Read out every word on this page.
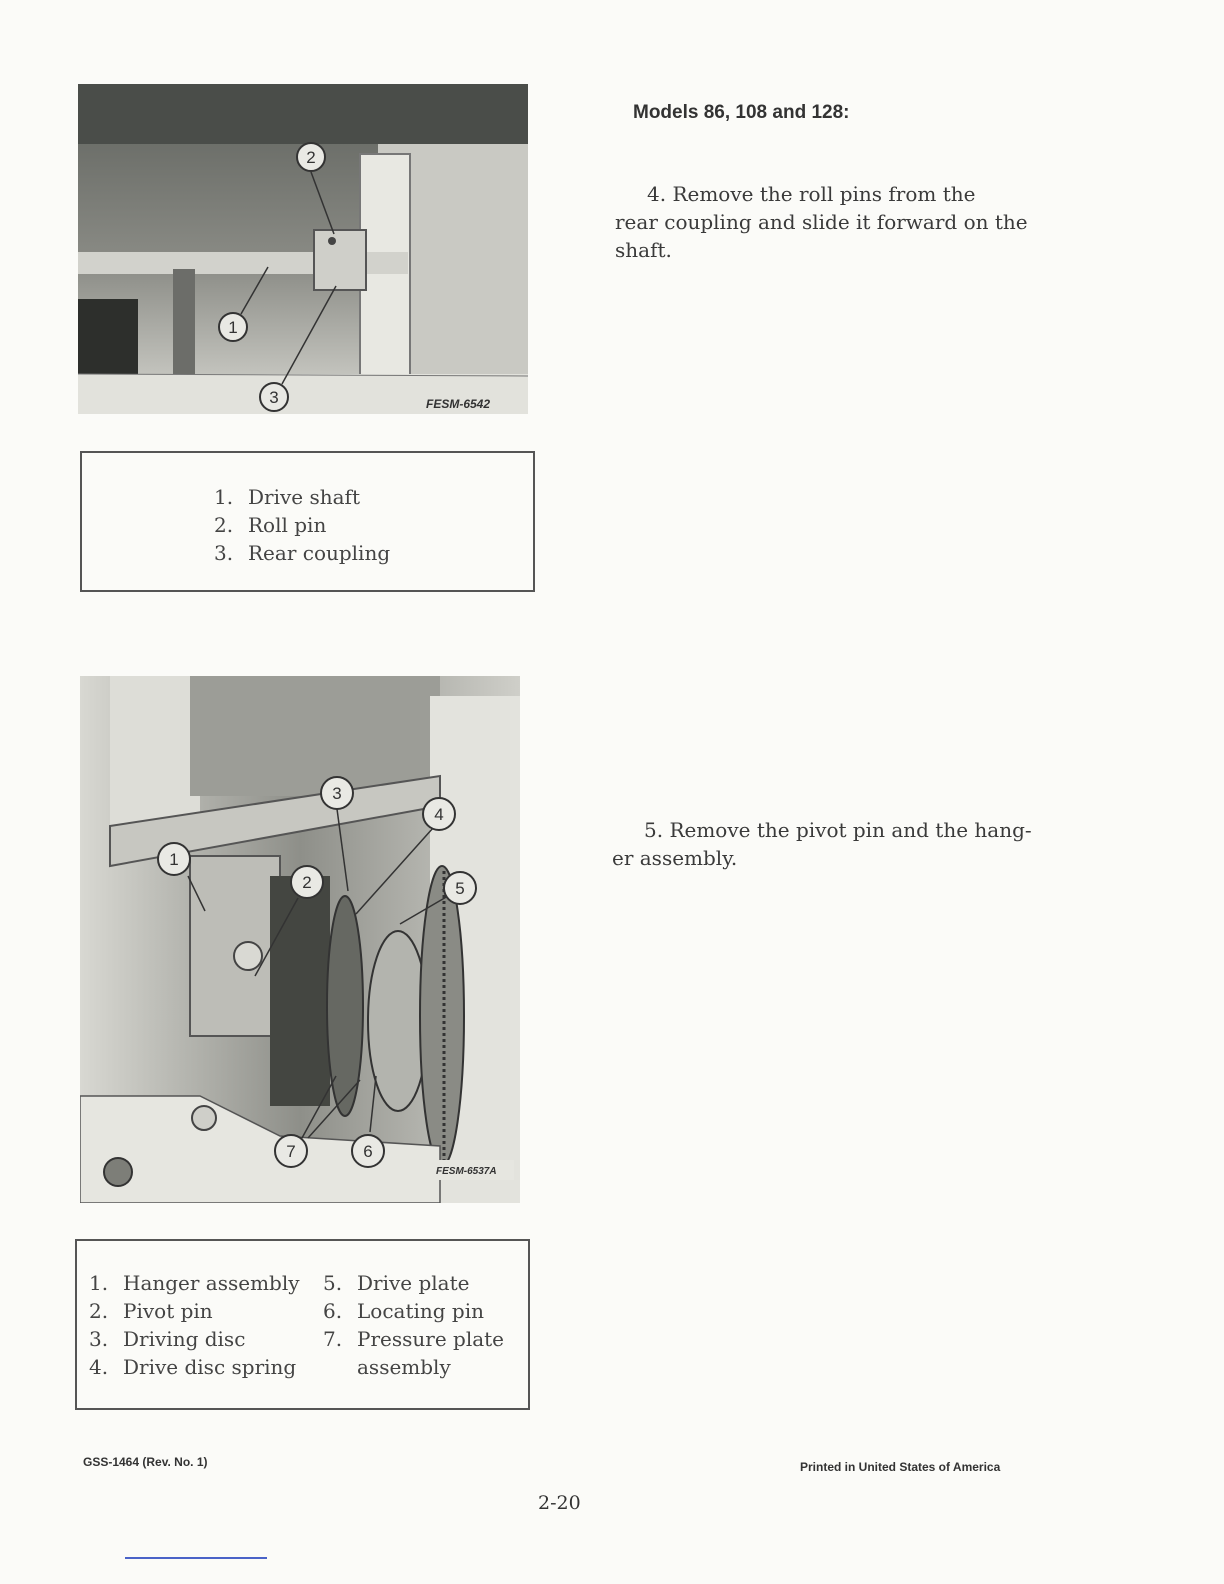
2
1
3	FESM-6542
1. Drive shaft
2. Roll pin
3. Rear coupling
1
2
3
4
5
6
7
FESM-6537A
1. Hanger assembly
2. Pivot pin
3. Driving disc
4. Drive disc spring
5. Drive plate
6. Locating pin
7. Pressure plate
assembly
Models 86, 108 and 128:
4. Remove the roll pins from the
rear coupling and slide it forward on the
shaft.
5. Remove the pivot pin and the hang-
er assembly.
GSS-1464 (Rev. No. 1)	Printed in United States of America
2-20
